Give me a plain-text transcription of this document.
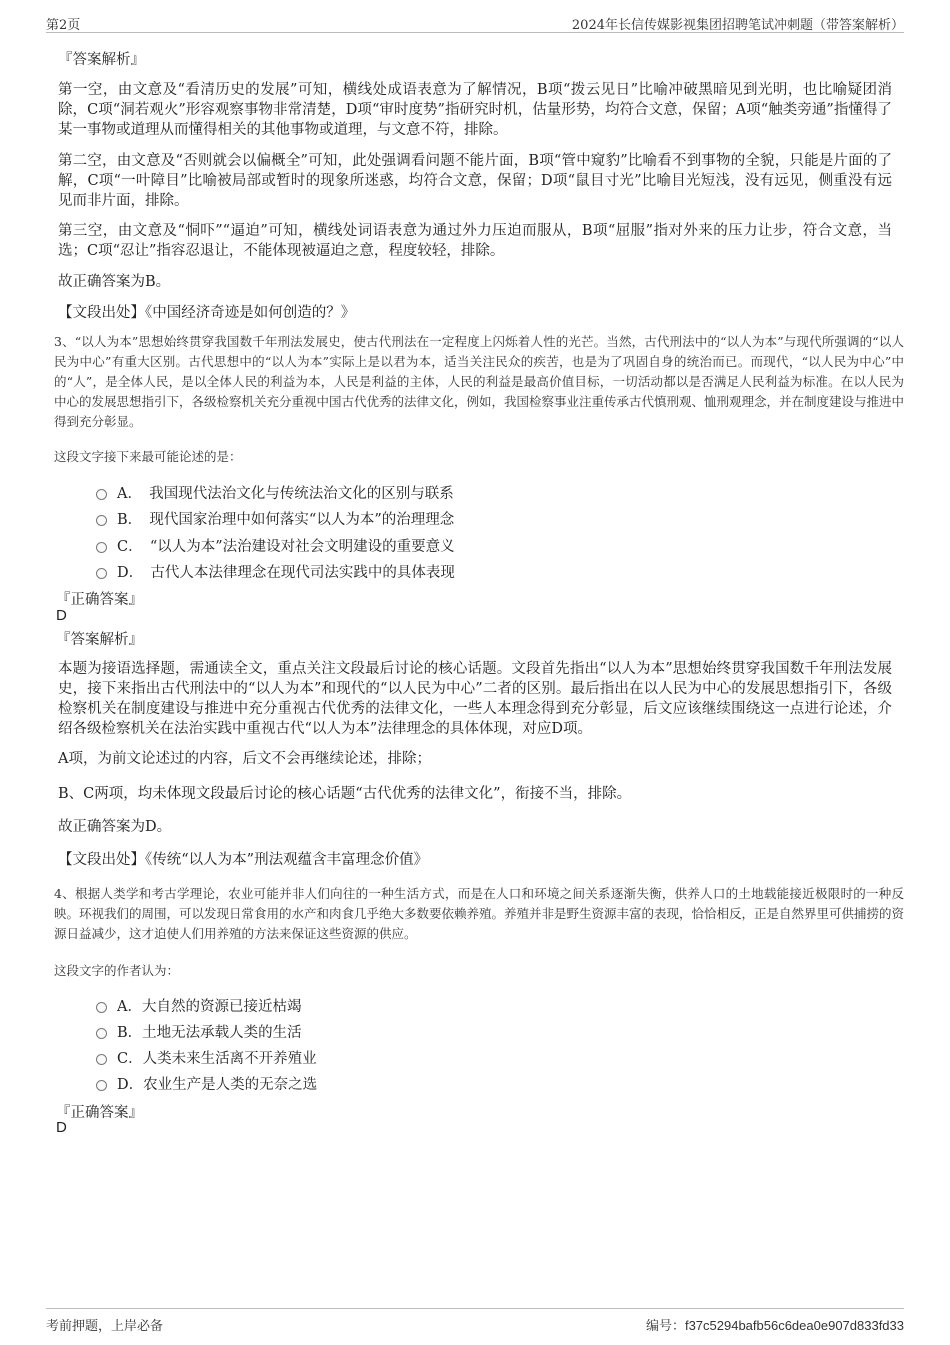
第2页	2024年长信传媒影视集团招聘笔试冲刺题（带答案解析）
『答案解析』

第一空，由文意及“看清历史的发展”可知，横线处成语表意为了解情况，B项“拨云见日”比喻冲破黑暗见到光明，也比喻疑团消除，C项“洞若观火”形容观察事物非常清楚，D项“审时度势”指研究时机，估量形势，均符合文意，保留；A项“触类旁通”指懂得了某一事物或道理从而懂得相关的其他事物或道理，与文意不符，排除。

第二空，由文意及“否则就会以偏概全”可知，此处强调看问题不能片面，B项“管中窥豹”比喻看不到事物的全貌，只能是片面的了解，C项“一叶障目”比喻被局部或暂时的现象所迷惑，均符合文意，保留；D项“鼠目寸光”比喻目光短浅，没有远见，侧重没有远见而非片面，排除。

第三空，由文意及“恫吓”“逼迫”可知，横线处词语表意为通过外力压迫而服从，B项“屈服”指对外来的压力让步，符合文意，当选；C项“忍让”指容忍退让，不能体现被逼迫之意，程度较轻，排除。

故正确答案为B。

【文段出处】《中国经济奇迹是如何创造的？》

3、“以人为本”思想始终贯穿我国数千年刑法发展史，使古代刑法在一定程度上闪烁着人性的光芒。当然，古代刑法中的“以人为本”与现代所强调的“以人民为中心”有重大区别。古代思想中的“以人为本”实际上是以君为本，适当关注民众的疾苦，也是为了巩固自身的统治而已。而现代，“以人民为中心”中的“人”，是全体人民，是以全体人民的利益为本，人民是利益的主体，人民的利益是最高价值目标，一切活动都以是否满足人民利益为标准。在以人民为中心的发展思想指引下，各级检察机关充分重视中国古代优秀的法律文化，例如，我国检察事业注重传承古代慎刑观、恤刑观理念，并在制度建设与推进中得到充分彰显。

这段文字接下来最可能论述的是：
A．　我国现代法治文化与传统法治文化的区别与联系
B．　现代国家治理中如何落实“以人为本”的治理理念
C．　“以人为本”法治建设对社会文明建设的重要意义
D．　古代人本法律理念在现代司法实践中的具体表现
『正确答案』
D
『答案解析』

本题为接语选择题，需通读全文，重点关注文段最后讨论的核心话题。文段首先指出“以人为本”思想始终贯穿我国数千年刑法发展史，接下来指出古代刑法中的“以人为本”和现代的“以人民为中心”二者的区别。最后指出在以人民为中心的发展思想指引下，各级检察机关在制度建设与推进中充分重视古代优秀的法律文化，一些人本理念得到充分彰显，后文应该继续围绕这一点进行论述，介绍各级检察机关在法治实践中重视古代“以人为本”法律理念的具体体现，对应D项。

A项，为前文论述过的内容，后文不会再继续论述，排除；

B、C两项，均未体现文段最后讨论的核心话题“古代优秀的法律文化”，衔接不当，排除。

故正确答案为D。

【文段出处】《传统“以人为本”刑法观蕴含丰富理念价值》

4、根据人类学和考古学理论，农业可能并非人们向往的一种生活方式，而是在人口和环境之间关系逐渐失衡，供养人口的土地载能接近极限时的一种反映。环视我们的周围，可以发现日常食用的水产和肉食几乎绝大多数要依赖养殖。养殖并非是野生资源丰富的表现，恰恰相反，正是自然界里可供捕捞的资源日益减少，这才迫使人们用养殖的方法来保证这些资源的供应。

这段文字的作者认为：
A．大自然的资源已接近枯竭
B．土地无法承载人类的生活
C．人类未来生活离不开养殖业
D．农业生产是人类的无奈之选
『正确答案』
D
考前押题，上岸必备	编号：f37c5294bafb56c6dea0e907d833fd33
